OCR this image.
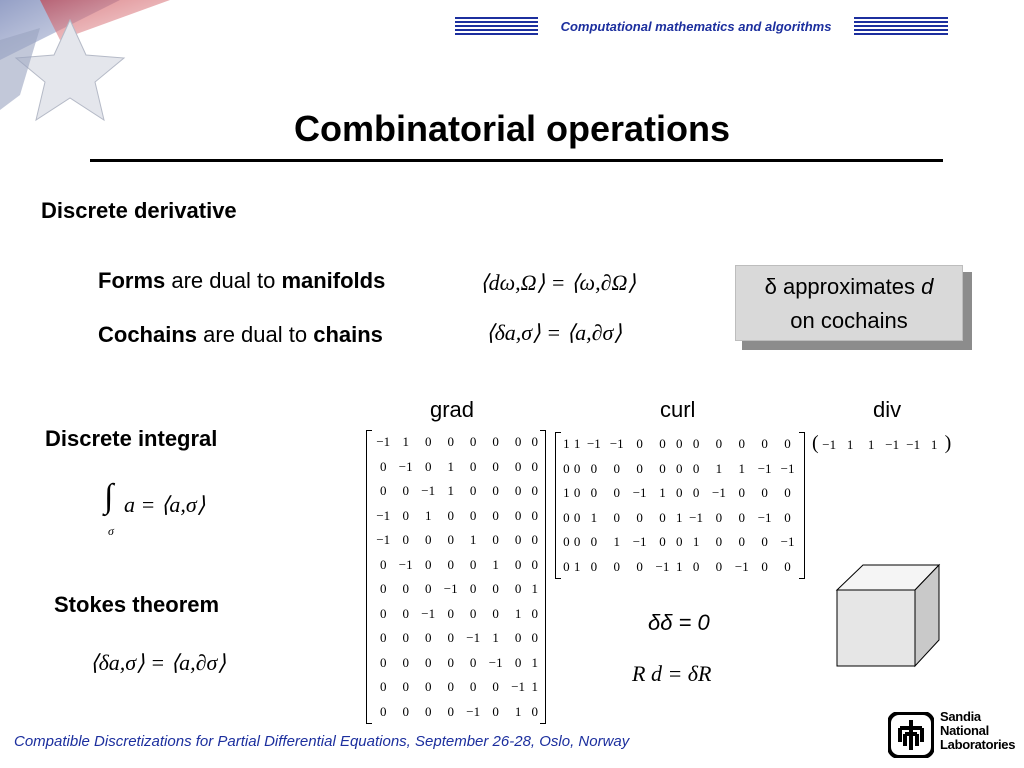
Computational mathematics and algorithms
Combinatorial operations
Discrete derivative
Discrete integral
Stokes theorem
Forms are dual to manifolds
Cochains are dual to chains
⟨dω,Ω⟩ = ⟨ω,∂Ω⟩
⟨δa,σ⟩ = ⟨a,∂σ⟩
δ approximates d
on cochains
∫
σ
a = ⟨a,σ⟩
⟨δa,σ⟩ = ⟨a,∂σ⟩
grad	curl	div
−1	1	0	0	0	0	0	0
0	−1	0	1	0	0	0	0
0	0	−1	1	0	0	0	0
−1	0	1	0	0	0	0	0
−1	0	0	0	1	0	0	0
0	−1	0	0	0	1	0	0
0	0	0	−1	0	0	0	1
0	0	−1	0	0	0	1	0
0	0	0	0	−1	1	0	0
0	0	0	0	0	−1	0	1
0	0	0	0	0	0	−1	1
0	0	0	0	−1	0	1	0
1	1	−1	−1	0	0	0	0	0	0	0	0
0	0	0	0	0	0	0	0	1	1	−1	−1
1	0	0	0	−1	1	0	0	−1	0	0	0
0	0	1	0	0	0	1	−1	0	0	−1	0
0	0	0	1	−1	0	0	1	0	0	0	−1
0	1	0	0	0	−1	1	0	0	−1	0	0
( −1 1 1 −1 −1 1 )
δδ = 0
R d = δR
Compatible Discretizations for Partial Differential Equations, September 26-28, Oslo, Norway
Sandia
National
Laboratories
